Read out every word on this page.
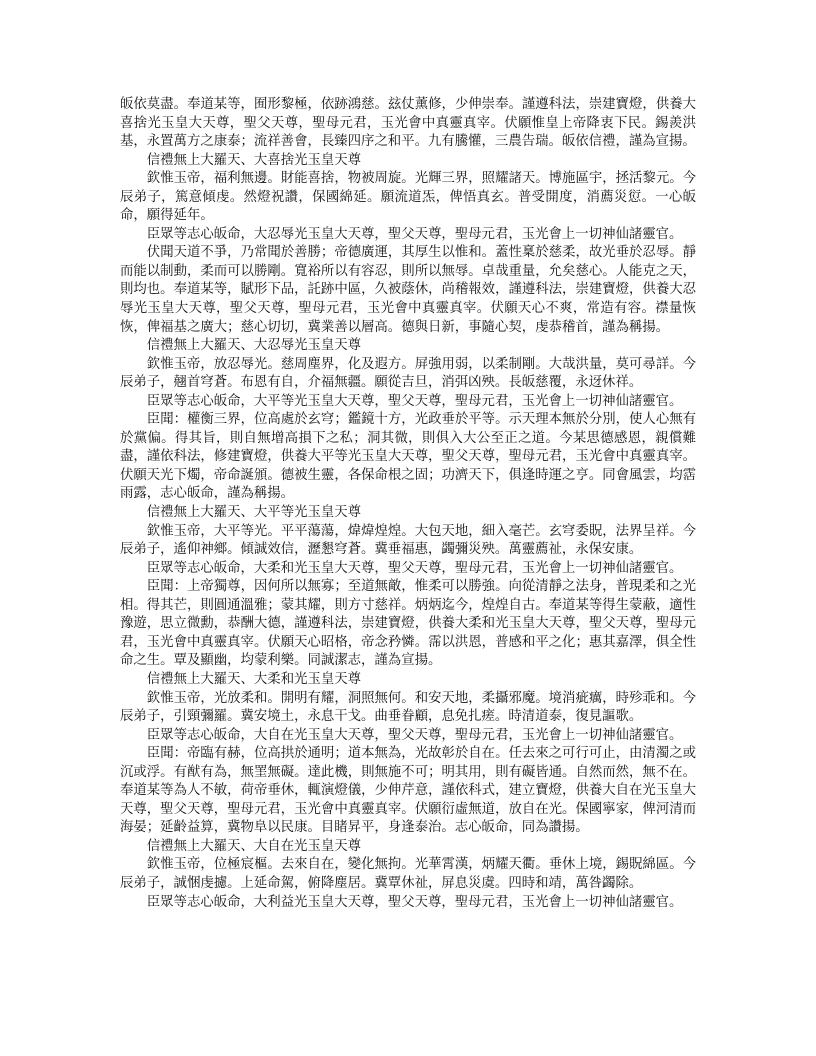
皈依莫盡。奉道某等，囿形黎極，依跡鴻慈。玆仗薰修，少伸崇奉。謹遵科法，崇建寶燈，供養大喜捨光玉皇大天尊，聖父天尊，聖母元君，玉光會中真靈真宰。伏願惟皇上帝降衷下民。錫羨洪基，永置萬方之康泰；流祥善會，長臻四序之和平。九有騰懽，三農告瑞。皈依信禮，謹為宣揚。

信禮無上大羅天、大喜捨光玉皇天尊

欽惟玉帝，福利無邊。財能喜捨，物被周旋。光輝三界，照耀諸天。博施區宇，拯活黎元。今辰弟子，篤意傾虔。然燈祝讚，保國綿延。願流道炁，俾悟真玄。普受開度，消薦災愆。一心皈命，願得延年。

臣眾等志心皈命，大忍辱光玉皇大天尊，聖父天尊，聖母元君，玉光會上一切神仙諸靈官。

伏聞天道不爭，乃常聞於善勝；帝德廣運，其厚生以惟和。蓋性稟於慈柔，故光垂於忍辱。靜而能以制動，柔而可以勝剛。寬裕所以有容忍，則所以無辱。卓哉重量，允矣慈心。人能克之天，則均也。奉道某等，賦形下品，託跡中區，久被蔭休，尚稽報效，謹遵科法，崇建寶燈，供養大忍辱光玉皇大天尊，聖父天尊，聖母元君，玉光會中真靈真宰。伏願天心不爽，常造有容。襟量恢恢，俾福基之廣大；慈心切切，冀業善以層高。德與日新，事隨心契，虔恭稽首，謹為稱揚。

信禮無上大羅天、大忍辱光玉皇天尊

欽惟玉帝，放忍辱光。慈周塵界，化及遐方。屏強用弱，以柔制剛。大哉洪量，莫可尋詳。今辰弟子，翹首穹蒼。布恩有自，介福無疆。願從吉旦，消弭凶殃。長皈慈覆，永迓休祥。

臣眾等志心皈命，大平等光玉皇大天尊，聖父天尊，聖母元君，玉光會上一切神仙諸靈官。

臣聞：權衡三界，位高處於玄穹；鑑鏡十方，光政垂於平等。示天理本無於分別，使人心無有於黨偏。得其旨，則自無增高損下之私；洞其微，則俱入大公至正之道。今某思德感恩，親償難盡，謹依科法，修建寶燈，供養大平等光玉皇大天尊，聖父天尊，聖母元君，玉光會中真靈真宰。伏願天光下燭，帝命誕頒。德被生靈，各保命根之固；功濟天下，俱逢時運之亨。同會風雲，均霑雨露，志心皈命，謹為稱揚。

信禮無上大羅天、大平等光玉皇天尊

欽惟玉帝，大平等光。平平蕩蕩，煒煒煌煌。大包天地，細入毫芒。玄穹委貺，法界呈祥。今辰弟子，遙仰神鄉。傾誠效信，瀝懇穹蒼。冀垂福惠，蠲彌災殃。萬靈薦祉，永保安康。

臣眾等志心皈命，大柔和光玉皇大天尊，聖父天尊，聖母元君，玉光會上一切神仙諸靈官。

臣聞：上帝獨尊，因何所以無寡；至道無敵，惟柔可以勝強。向從清靜之法身，普現柔和之光相。得其芒，則圓通溫雅；蒙其耀，則方寸慈祥。炳炳迄今，煌煌自古。奉道某等得生蒙蔽，適性豫遊，思立微勳，恭酬大德，謹遵科法，崇建寶燈，供養大柔和光玉皇大天尊，聖父天尊，聖母元君，玉光會中真靈真宰。伏願天心昭格，帝念矜憐。霈以洪恩，普感和平之化；惠其嘉澤，俱全性命之生。覃及顯幽，均蒙利樂。同誠潔志，謹為宣揚。

信禮無上大羅天、大柔和光玉皇天尊

欽惟玉帝，光放柔和。開明有耀，洞照無何。和安天地，柔攝邪魔。境消疵癘，時殄乖和。今辰弟子，引頸彌羅。冀安境土，永息干戈。曲垂眷顧，息免扎瘥。時清道泰，復見謳歌。

臣眾等志心皈命，大自在光玉皇大天尊，聖父天尊，聖母元君，玉光會上一切神仙諸靈官。

臣聞：帝臨有赫，位高拱於通明；道本無為，光故彰於自在。任去來之可行可止，由清濁之或沉或浮。有猷有為，無罣無礙。達此機，則無施不可；明其用，則有礙皆通。自然而然，無不在。奉道某等為人不敏，荷帝垂休，輒演燈儀，少伸芹意，謹依科式，建立寶燈，供養大自在光玉皇大天尊，聖父天尊，聖母元君，玉光會中真靈真宰。伏願衍虛無道，放自在光。保國寧家，俾河清而海晏；延齡益算，冀物阜以民康。目睹昇平，身逢泰治。志心皈命，同為讚揚。

信禮無上大羅天、大自在光玉皇天尊

欽惟玉帝，位極宸樞。去來自在，變化無拘。光華霄漢，炳耀天衢。垂休上境，錫貺綿區。今辰弟子，誠悃虔攄。上延命駕，俯降塵居。冀覃休祉，屏息災虞。四時和靖，萬咎蠲除。

臣眾等志心皈命，大利益光玉皇大天尊，聖父天尊，聖母元君，玉光會上一切神仙諸靈官。
